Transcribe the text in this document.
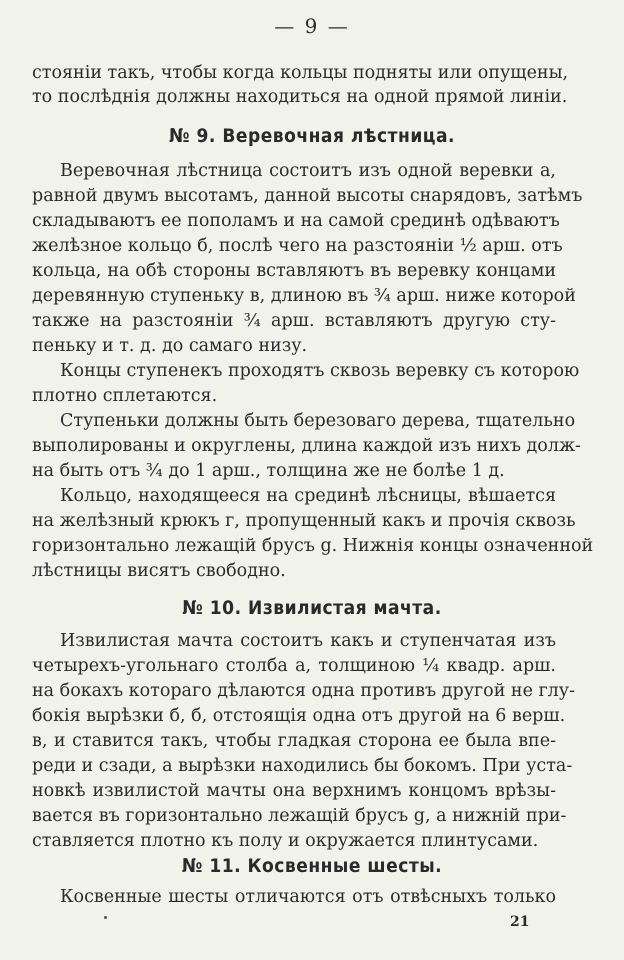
— 9 —
стоянiи такъ, чтобы когда кольцы подняты или опущены,
то послѣднiя должны находиться на одной прямой линiи.
№ 9. Веревочная лѣстница.
Веревочная лѣстница состоитъ изъ одной веревки а,
равной двумъ высотамъ, данной высоты снарядовъ, затѣмъ
складываютъ ее пополамъ и на самой срединѣ одѣваютъ
желѣзное кольцо б, послѣ чего на разстоянiи ½ арш. отъ
кольца, на обѣ стороны вставляютъ въ веревку концами
деревянную ступеньку в, длиною въ ¾ арш. ниже которой
также на разстоянiи ¾ арш. вставляютъ другую сту-
пеньку и т. д. до самаго низу.
Концы ступенекъ проходятъ сквозь веревку съ которою
плотно сплетаются.
Ступеньки должны быть березоваго дерева, тщательно
выполированы и округлены, длина каждой изъ нихъ долж-
на быть отъ ¾ до 1 арш., толщина же не болѣе 1 д.
Кольцо, находящееся на срединѣ лѣсницы, вѣшается
на желѣзный крюкъ г, пропущенный какъ и прочiя сквозь
горизонтально лежащiй брусъ g. Нижнiя концы означенной
лѣстницы висятъ свободно.
№ 10. Извилистая мачта.
Извилистая мачта состоитъ какъ и ступенчатая изъ
четырехъ-угольнаго столба а, толщиною ¼ квадр. арш.
на бокахъ котораго дѣлаются одна противъ другой не глу-
бокiя вырѣзки б, б, отстоящiя одна отъ другой на 6 верш.
в, и ставится такъ, чтобы гладкая сторона ее была впе-
реди и сзади, а вырѣзки находились бы бокомъ. При уста-
новкѣ извилистой мачты она верхнимъ концомъ врѣзы-
вается въ горизонтально лежащiй брусъ g, а нижнiй при-
ставляется плотно къ полу и окружается плинтусами.
№ 11. Косвенные шесты.
Косвенные шесты отличаются отъ отвѣсныхъ только
21
